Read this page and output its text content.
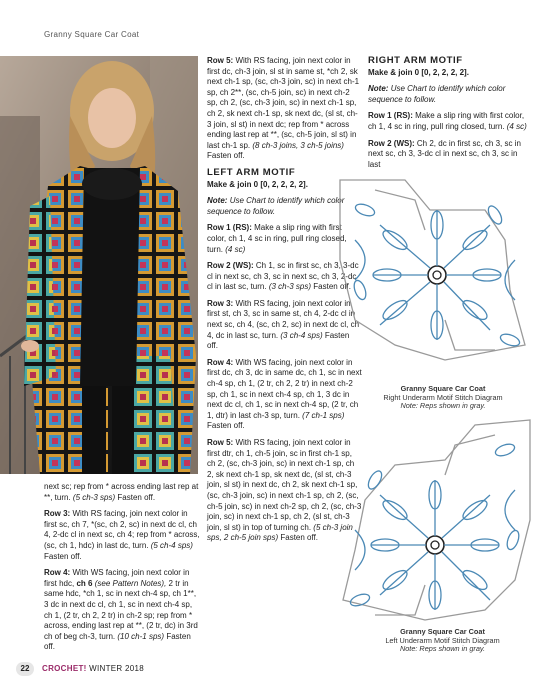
Granny Square Car Coat

next sc; rep from * across ending last rep at *​*, turn. (5 ch-3 sps) Fasten off.

Row 3: With RS facing, join next color in first sc, ch 7, *(sc, ch 2, sc) in next dc cl, ch 4, 2-dc cl in next sc, ch 4; rep from * across, (sc, ch 1, hdc) in last dc, turn. (5 ch-4 sps) Fasten off.

Row 4: With WS facing, join next color in first hdc, ch 6 (see Pattern Notes), 2 tr in same hdc, *ch 1, sc in next ch-4 sp, ch 1**, 3 dc in next dc cl, ch 1, sc in next ch-4 sp, ch 1, (2 tr, ch 2, 2 tr) in ch-2 sp; rep from * across, ending last rep at **, (2 tr, dc) in 3rd ch of beg ch-3, turn. (10 ch-1 sps) Fasten off.

Row 5: With RS facing, join next color in first dc, ch-3 join, sl st in same st, *ch 2, sk next ch-1 sp, (sc, ch-3 join, sc) in next ch-1 sp, ch 2**, (sc, ch-5 join, sc) in next ch-2 sp, ch 2, (sc, ch-3 join, sc) in next ch-1 sp, ch 2, sk next ch-1 sp, sk next dc, (sl st, ch-3 join, sl st) in next dc; rep from * across ending last rep at **, (sc, ch-5 join, sl st) in last ch-1 sp. (8 ch-3 joins, 3 ch-5 joins) Fasten off.

LEFT ARM MOTIF
Make & join 0 [0, 2, 2, 2, 2].

Note: Use Chart to identify which color sequence to follow.

Row 1 (RS): Make a slip ring with first color, ch 1, 4 sc in ring, pull ring closed, turn. (4 sc)

Row 2 (WS): Ch 1, sc in first sc, ch 3, 3-dc cl in next sc, ch 3, sc in next sc, ch 3, 2-dc cl in last sc, turn. (3 ch-3 sps) Fasten off.

Row 3: With RS facing, join next color in first st, ch 3, sc in same st, ch 4, 2-dc cl in next sc, ch 4, (sc, ch 2, sc) in next dc cl, ch 4, dc in last sc, turn. (3 ch-4 sps) Fasten off.

Row 4: With WS facing, join next color in first dc, ch 3, dc in same dc, ch 1, sc in next ch-4 sp, ch 1, (2 tr, ch 2, 2 tr) in next ch-2 sp, ch 1, sc in next ch-4 sp, ch 1, 3 dc in next dc cl, ch 1, sc in next ch-4 sp, (2 tr, ch 1, dtr) in last ch-3 sp, turn. (7 ch-1 sps) Fasten off.

Row 5: With RS facing, join next color in first dtr, ch 1, ch-5 join, sc in first ch-1 sp, ch 2, (sc, ch-3 join, sc) in next ch-1 sp, ch 2, sk next ch-1 sp, sk next dc, (sl st, ch-3 join, sl st) in next dc, ch 2, sk next ch-1 sp, (sc, ch-3 join, sc) in next ch-1 sp, ch 2, (sc, ch-5 join, sc) in next ch-2 sp, ch 2, (sc, ch-3 join, sc) in next ch-1 sp, ch 2, (sl st, ch-3 join, sl st) in top of turning ch. (5 ch-3 join sps, 2 ch-5 join sps) Fasten off.

RIGHT ARM MOTIF
Make & join 0 [0, 2, 2, 2, 2].

Note: Use Chart to identify which color sequence to follow.

Row 1 (RS): Make a slip ring with first color, ch 1, 4 sc in ring, pull ring closed, turn. (4 sc)

Row 2 (WS): Ch 2, dc in first sc, ch 3, sc in next sc, ch 3, 3-dc cl in next sc, ch 3, sc in last

Granny Square Car Coat
Right Underarm Motif Stitch Diagram
Note: Reps shown in gray.
Granny Square Car Coat
Left Underarm Motif Stitch Diagram
Note: Reps shown in gray.
22	CROCHET! WINTER 2018
